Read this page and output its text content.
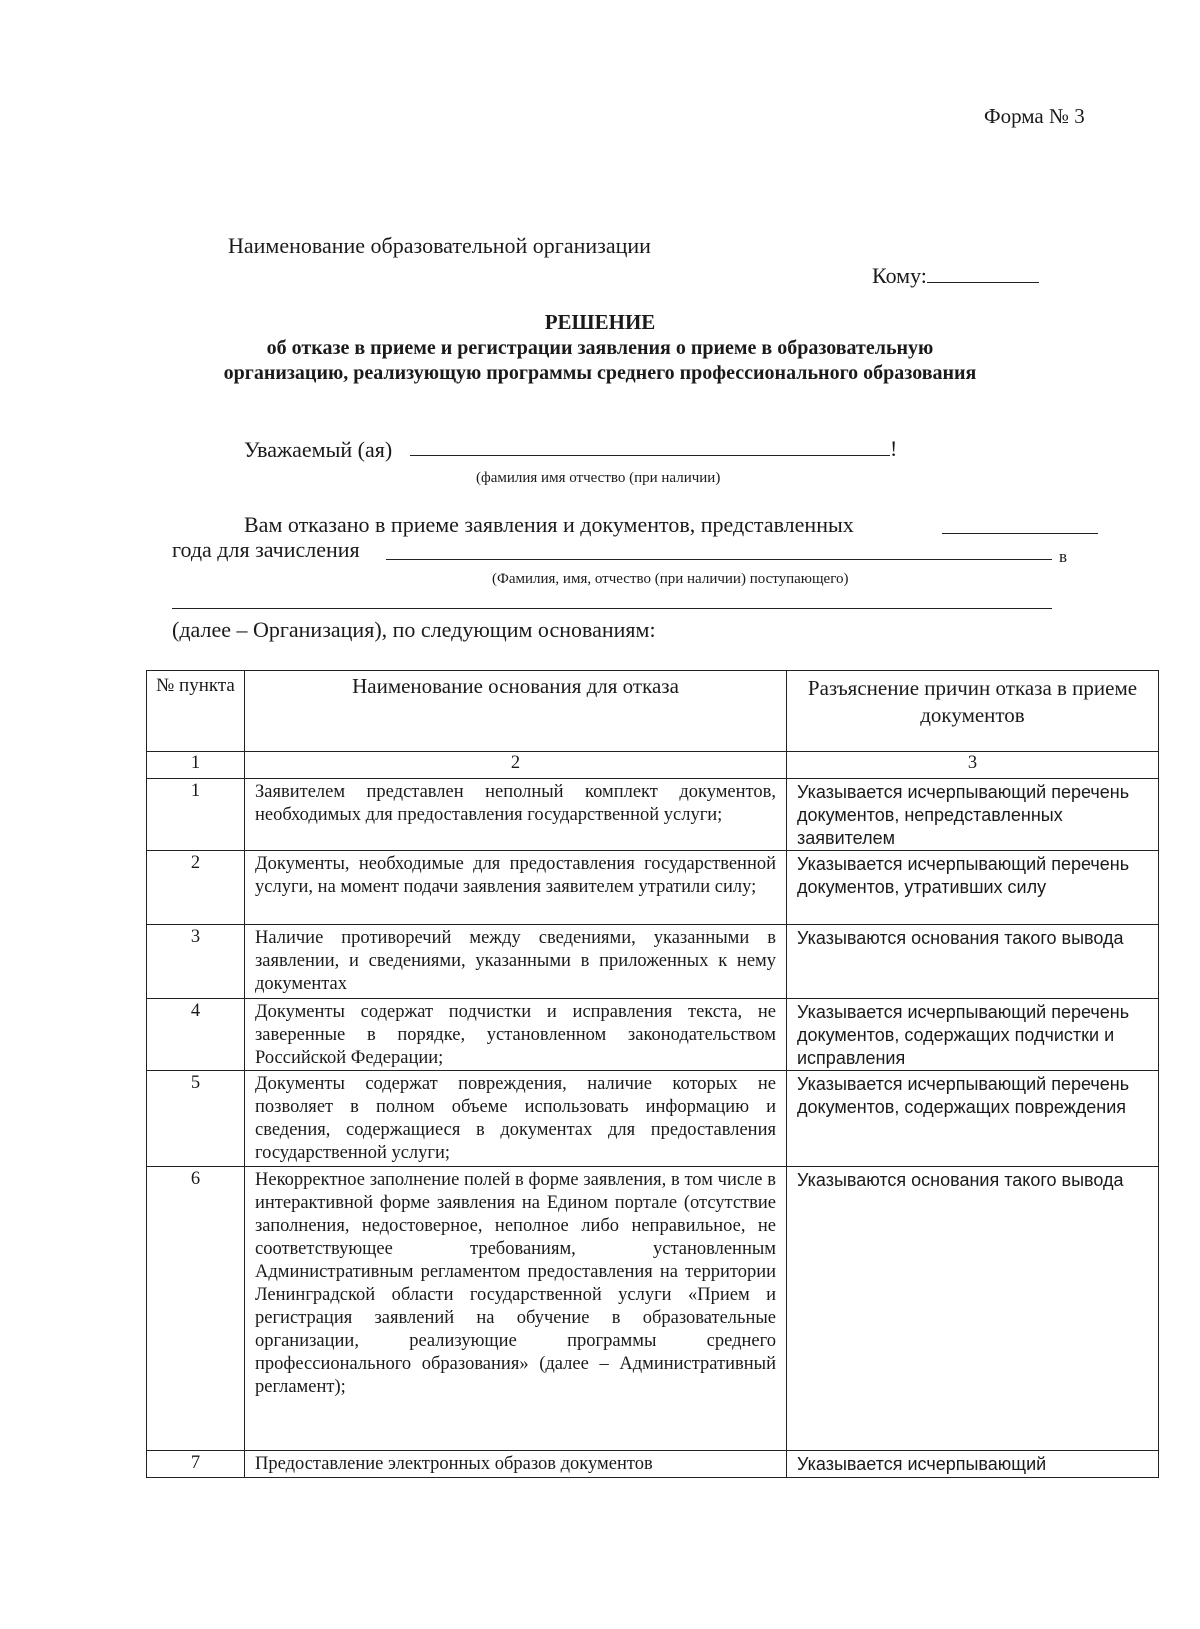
Форма № 3
Наименование образовательной организации
Кому:
РЕШЕНИЕ
об отказе в приеме и регистрации заявления о приеме в образовательную
организацию, реализующую программы среднего профессионального образования
Уважаемый (ая)	!
(фамилия имя отчество (при наличии)
Вам отказано в приеме заявления и документов, представленных
года для зачисления	в
(Фамилия, имя, отчество (при наличии) поступающего)
(далее – Организация), по следующим основаниям:
№ пункта	Наименование основания для отказа	Разъяснение причин отказа в приеме документов
1	2	3
1	Заявителем представлен неполный комплект документов, необходимых для предоставления государственной услуги;	Указывается исчерпывающий перечень документов, непредставленных заявителем
2	Документы, необходимые для предоставления государственной услуги, на момент подачи заявления заявителем утратили силу;	Указывается исчерпывающий перечень документов, утративших силу
3	Наличие противоречий между сведениями, указанными в заявлении, и сведениями, указанными в приложенных к нему документах	Указываются основания такого вывода
4	Документы содержат подчистки и исправления текста, не заверенные в порядке, установленном законодательством Российской Федерации;	Указывается исчерпывающий перечень документов, содержащих подчистки и исправления
5	Документы содержат повреждения, наличие которых не позволяет в полном объеме использовать информацию и сведения, содержащиеся в документах для предоставления государственной услуги;	Указывается исчерпывающий перечень документов, содержащих повреждения
6	Некорректное заполнение полей в форме заявления, в том числе в интерактивной форме заявления на Едином портале (отсутствие заполнения, недостоверное, неполное либо неправильное, не соответствующее требованиям, установленным Административным регламентом предоставления на территории Ленинградской области государственной услуги «Прием и регистрация заявлений на обучение в образовательные организации, реализующие программы среднего профессионального образования» (далее – Административный регламент);	Указываются основания такого вывода
7	Предоставление электронных образов документов	Указывается исчерпывающий
